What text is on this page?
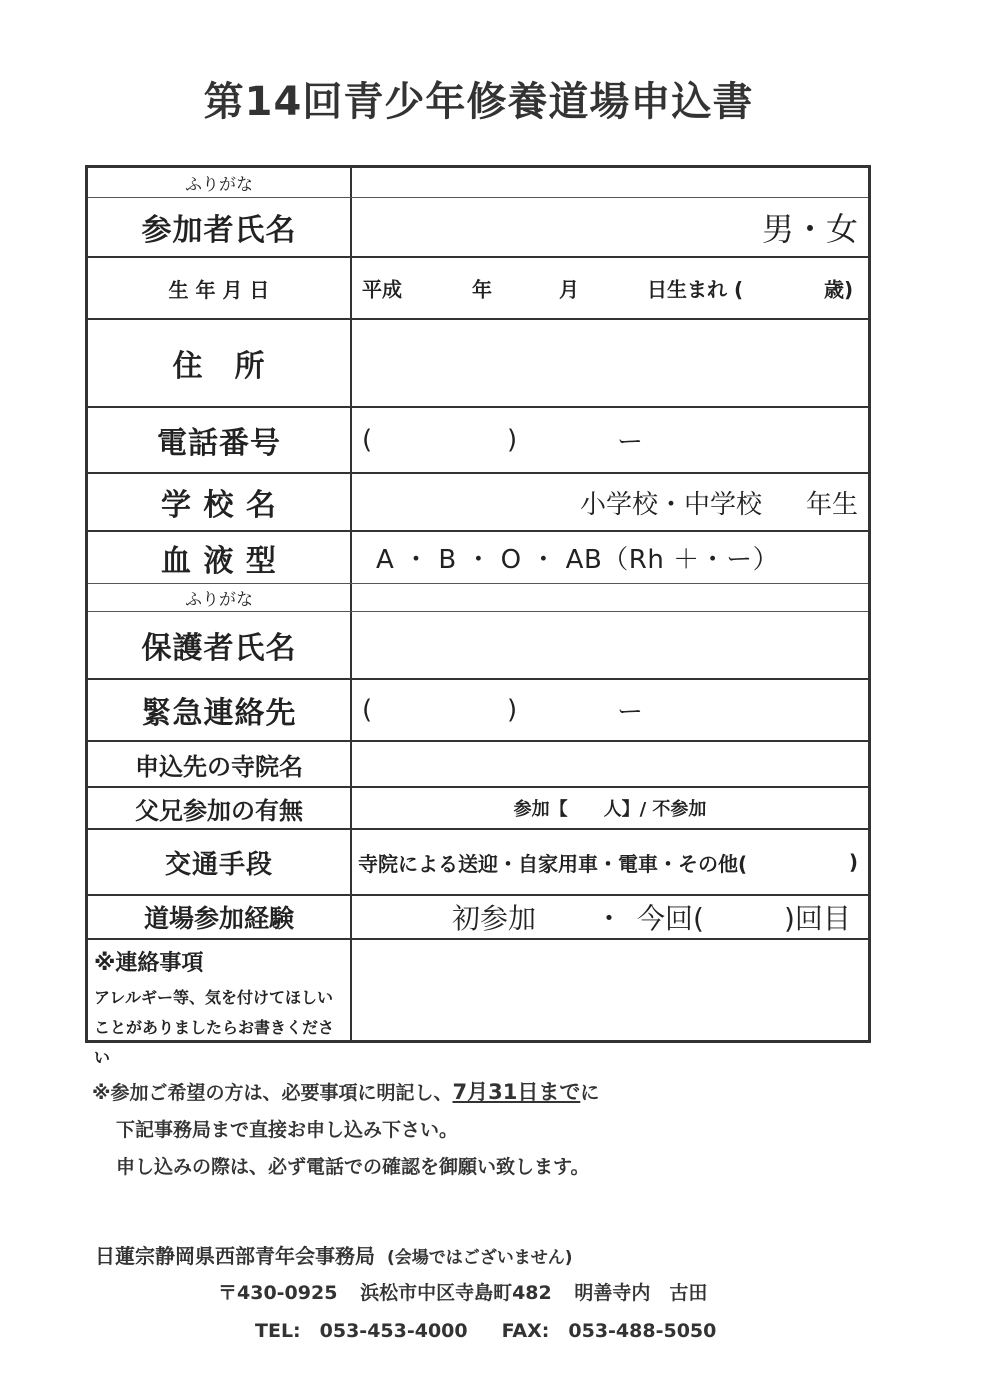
第14回青少年修養道場申込書
ふりがな
参加者氏名	男・女
生 年 月 日	平成	年	月	日生まれ (	歳)
住　所
電話番号	(	)	ー
学 校 名	小学校・中学校 年生
血 液 型	A ・ B ・ O ・ AB（Rh ＋・ー）
ふりがな
保護者氏名
緊急連絡先	(	)	ー
申込先の寺院名
父兄参加の有無	参加【　　人】/ 不参加
交通手段	寺院による送迎・自家用車・電車・その他(	)
道場参加経験	初参加 ・ 今回(	)回目
※連絡事項
アレルギー等、気を付けてほしい
ことがありましたらお書きください
※参加ご希望の方は、必要事項に明記し、7月31日までに
下記事務局まで直接お申し込み下さい。
申し込みの際は、必ず電話での確認を御願い致します。
日蓮宗静岡県西部青年会事務局 (会場ではございません)
〒430-0925 浜松市中区寺島町482 明善寺内　古田
TEL:　053-453-4000 FAX:　053-488-5050
